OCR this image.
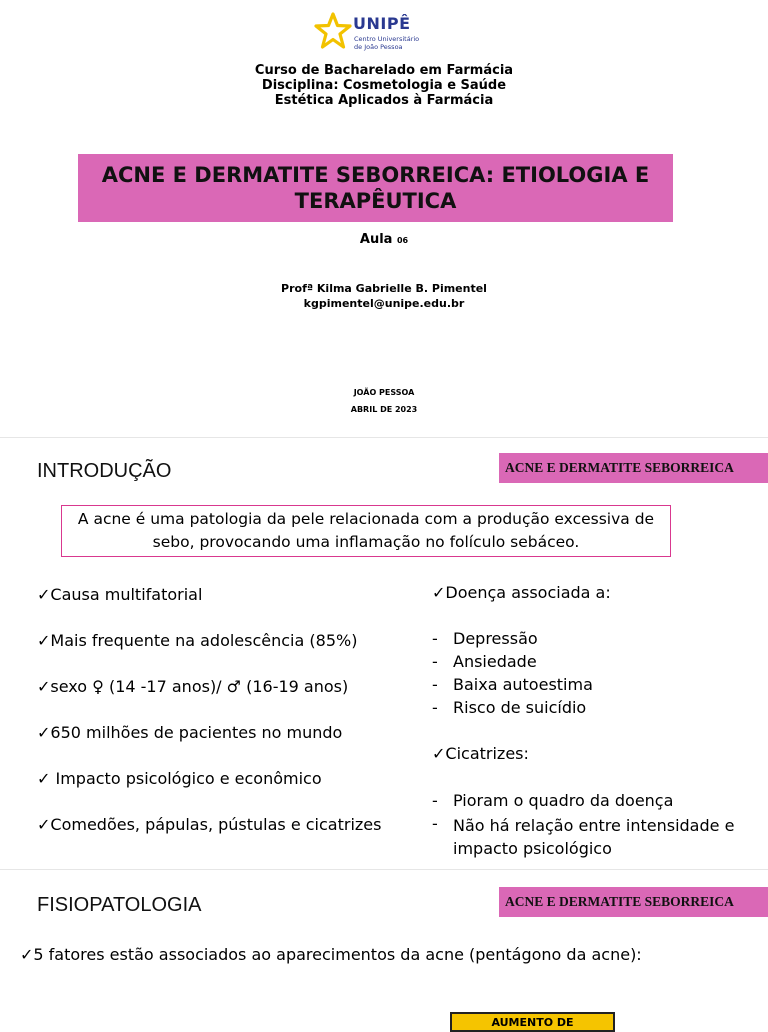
UNIPÊ
Centro Universitário
de João Pessoa
Curso de Bacharelado em Farmácia
Disciplina: Cosmetologia e Saúde
Estética Aplicados à Farmácia
ACNE E DERMATITE SEBORREICA: ETIOLOGIA E TERAPÊUTICA
Aula 06
Profª Kilma Gabrielle B. Pimentel
kgpimentel@unipe.edu.br
JOÃO PESSOA
ABRIL DE 2023
INTRODUÇÃO	ACNE E DERMATITE SEBORREICA
A acne é uma patologia da pele relacionada com a produção excessiva de sebo, provocando uma inflamação no folículo sebáceo.
✓Causa multifatorial
✓Mais frequente na adolescência (85%)
✓sexo ♀ (14 -17 anos)/ ♂ (16-19 anos)
✓650 milhões de pacientes no mundo
✓ Impacto psicológico e econômico
✓Comedões, pápulas, pústulas e cicatrizes
✓Doença associada a:
- Depressão
- Ansiedade
- Baixa autoestima
- Risco de suicídio
✓Cicatrizes:
- Pioram o quadro da doença
- Não há relação entre intensidade e impacto psicológico
FISIOPATOLOGIA	ACNE E DERMATITE SEBORREICA
✓5 fatores estão associados ao aparecimentos da acne (pentágono da acne):
AUMENTO DE
